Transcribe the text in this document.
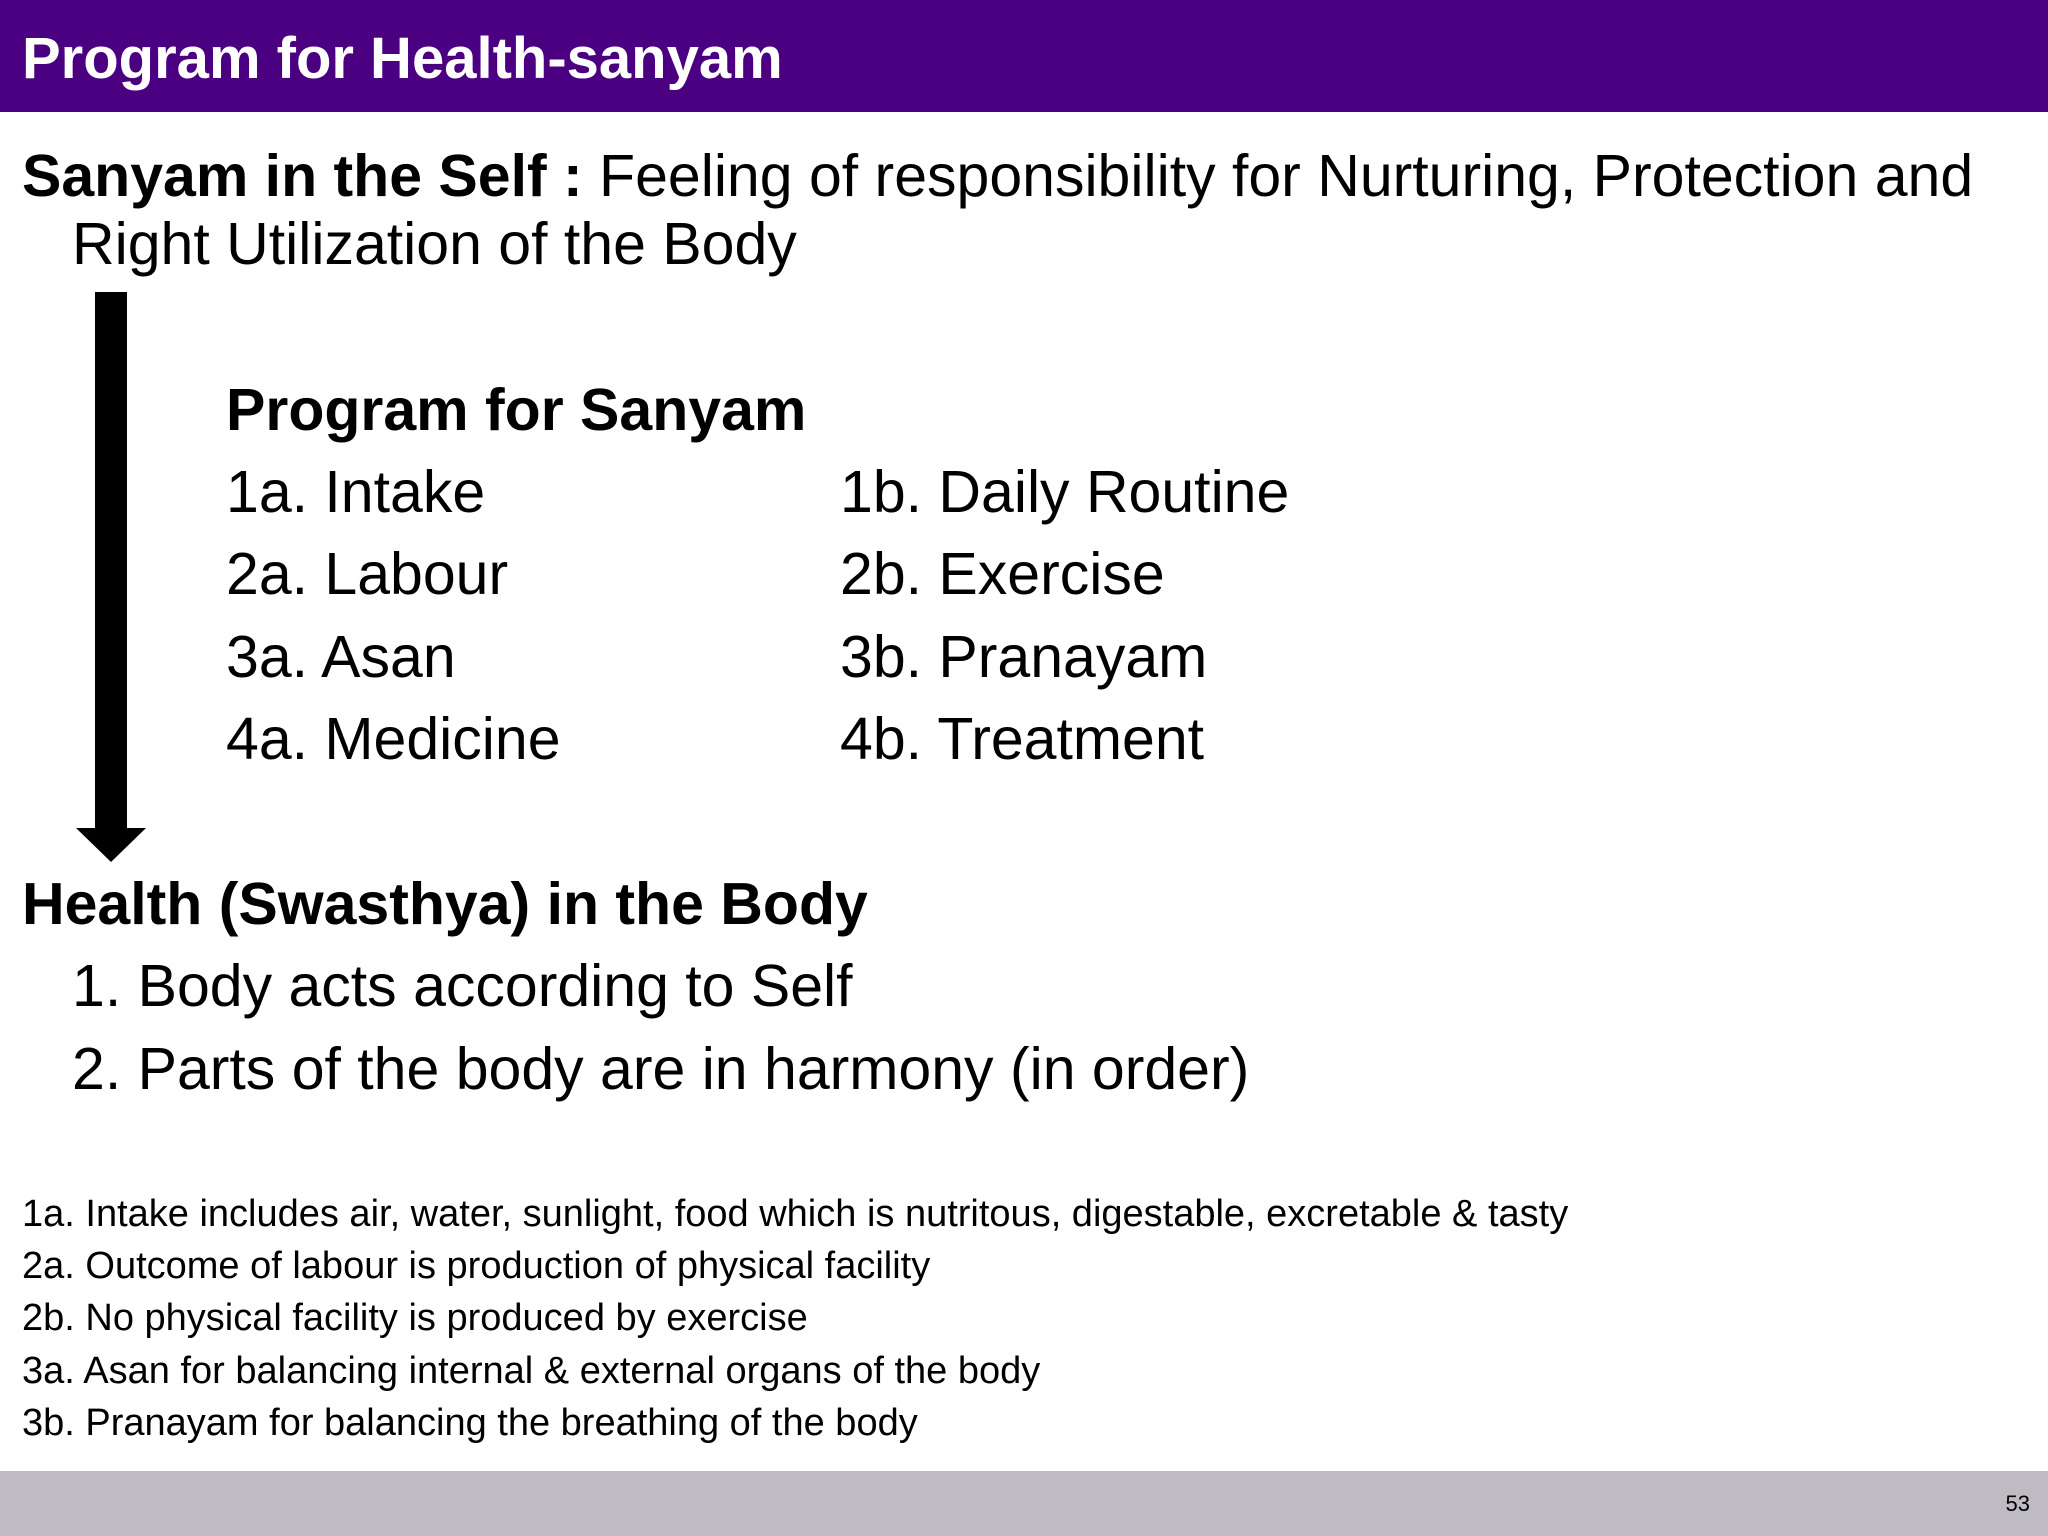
Program for Health-sanyam

Sanyam in the Self : Feeling of responsibility for Nurturing, Protection and Right Utilization of the Body

Program for Sanyam

1a. Intake	1b. Daily Routine

2a. Labour	2b. Exercise

3a. Asan	3b. Pranayam

4a. Medicine	4b. Treatment

Health (Swasthya) in the Body

1. Body acts according to Self

2. Parts of the body are in harmony (in order)

1a. Intake includes air, water, sunlight, food which is nutritous, digestable, excretable & tasty

2a. Outcome of labour is production of physical facility

2b. No physical facility is produced by exercise

3a. Asan for balancing internal & external organs of the body

3b. Pranayam for balancing the breathing of the body

53
